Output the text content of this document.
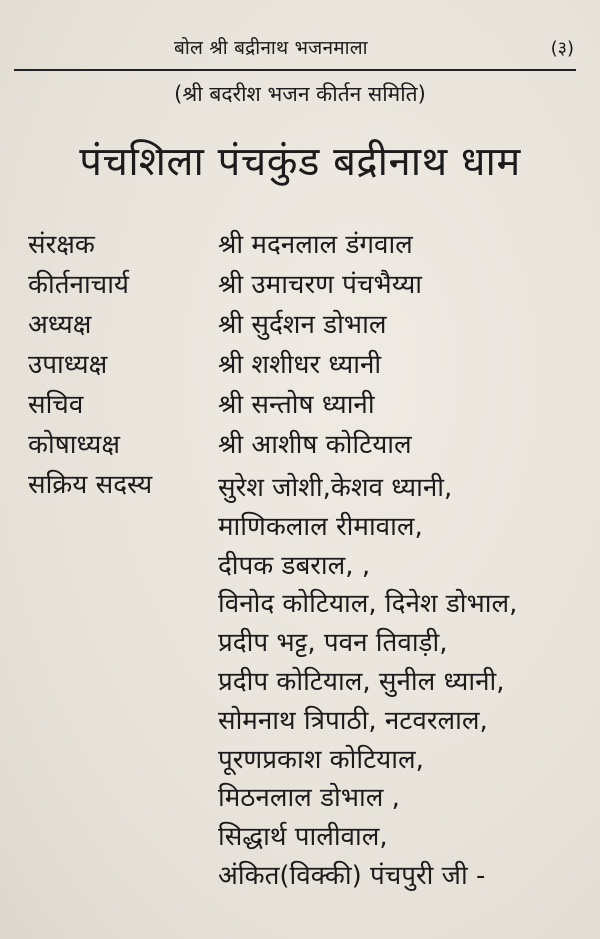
बोल श्री बद्रीनाथ भजनमाला	(३)
(श्री बदरीश भजन कीर्तन समिति)
पंचशिला पंचकुंड बद्रीनाथ धाम
संरक्षक	श्री मदनलाल डंगवाल
कीर्तनाचार्य	श्री उमाचरण पंचभैय्या
अध्यक्ष	श्री सुर्दशन डोभाल
उपाध्यक्ष	श्री शशीधर ध्यानी
सचिव	श्री सन्तोष ध्यानी
कोषाध्यक्ष	श्री आशीष कोटियाल
सक्रिय सदस्य	सुरेश जोशी,केशव ध्यानी,
माणिकलाल रीमावाल,
दीपक डबराल, ,
विनोद कोटियाल, दिनेश डोभाल,
प्रदीप भट्ट, पवन तिवाड़ी,
प्रदीप कोटियाल, सुनील ध्यानी,
सोमनाथ त्रिपाठी, नटवरलाल,
पूरणप्रकाश कोटियाल,
मिठनलाल डोभाल ,
सिद्धार्थ पालीवाल,
अंकित(विक्की) पंचपुरी जी -
